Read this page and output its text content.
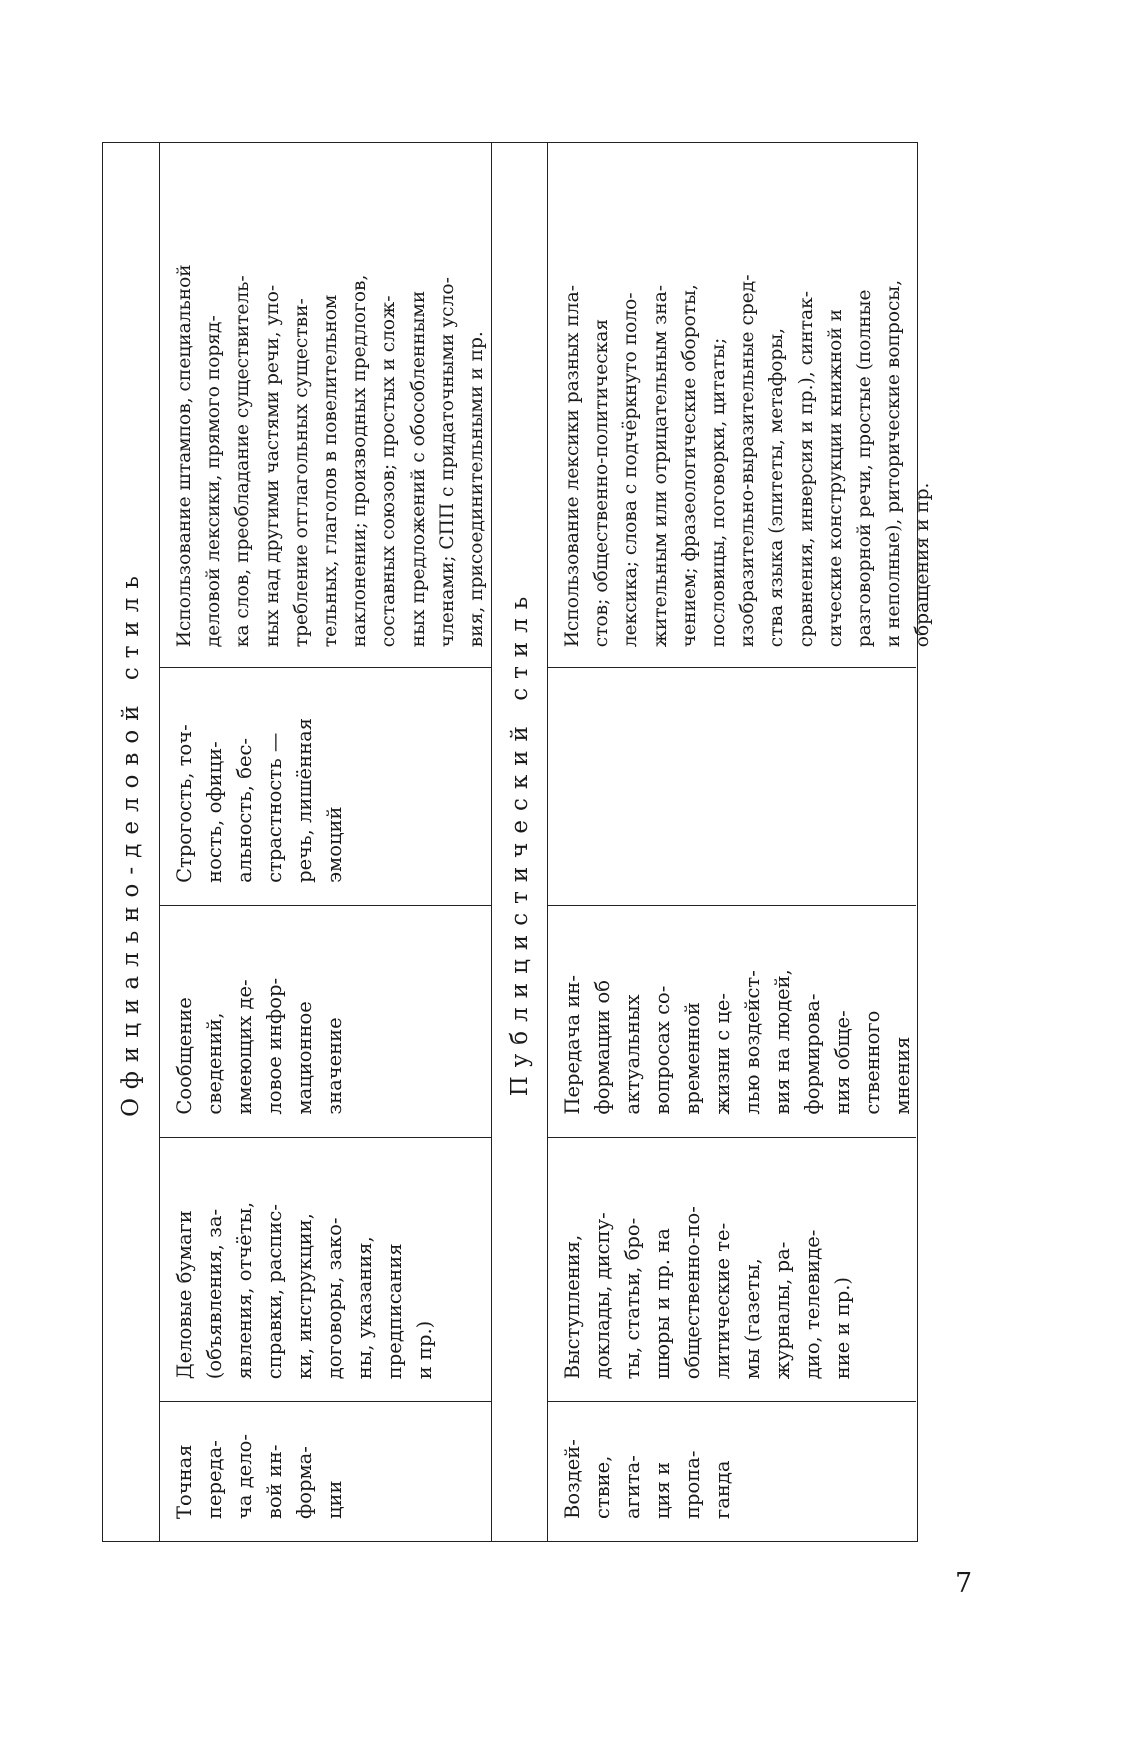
Официально-деловой стиль
Точная
переда-
ча дело-
вой ин-
форма-
ции
Деловые бумаги
(объявления, за-
явления, отчёты,
справки, распис-
ки, инструкции,
договоры, зако-
ны, указания,
предписания
и пр.)
Сообщение
сведений,
имеющих де-
ловое инфор-
мационное
значение
Строгость, точ-
ность, офици-
альность, бес-
страстность —
речь, лишённая
эмоций
Использование штампов, специальной
деловой лексики, прямого поряд-
ка слов, преобладание существитель-
ных над другими частями речи, упо-
требление отглагольных существи-
тельных, глаголов в повелительном
наклонении; производных предлогов,
составных союзов; простых и слож-
ных предложений с обособленными
членами; СПП с придаточными усло-
вия, присоединительными и пр.
Публицистический стиль
Воздей-
ствие,
агита-
ция и
пропа-
ганда
Выступления,
доклады, диспу-
ты, статьи, бро-
шюры и пр. на
общественно-по-
литические те-
мы (газеты,
журналы, ра-
дио, телевиде-
ние и пр.)
Передача ин-
формации об
актуальных
вопросах со-
временной
жизни с це-
лью воздейст-
вия на людей,
формирова-
ния обще-
ственного
мнения
Использование лексики разных пла-
стов; общественно-политическая
лексика; слова с подчёркнуто поло-
жительным или отрицательным зна-
чением; фразеологические обороты,
пословицы, поговорки, цитаты;
изобразительно-выразительные сред-
ства языка (эпитеты, метафоры,
сравнения, инверсия и пр.), синтак-
сические конструкции книжной и
разговорной речи, простые (полные
и неполные), риторические вопросы,
обращения и пр.
7
